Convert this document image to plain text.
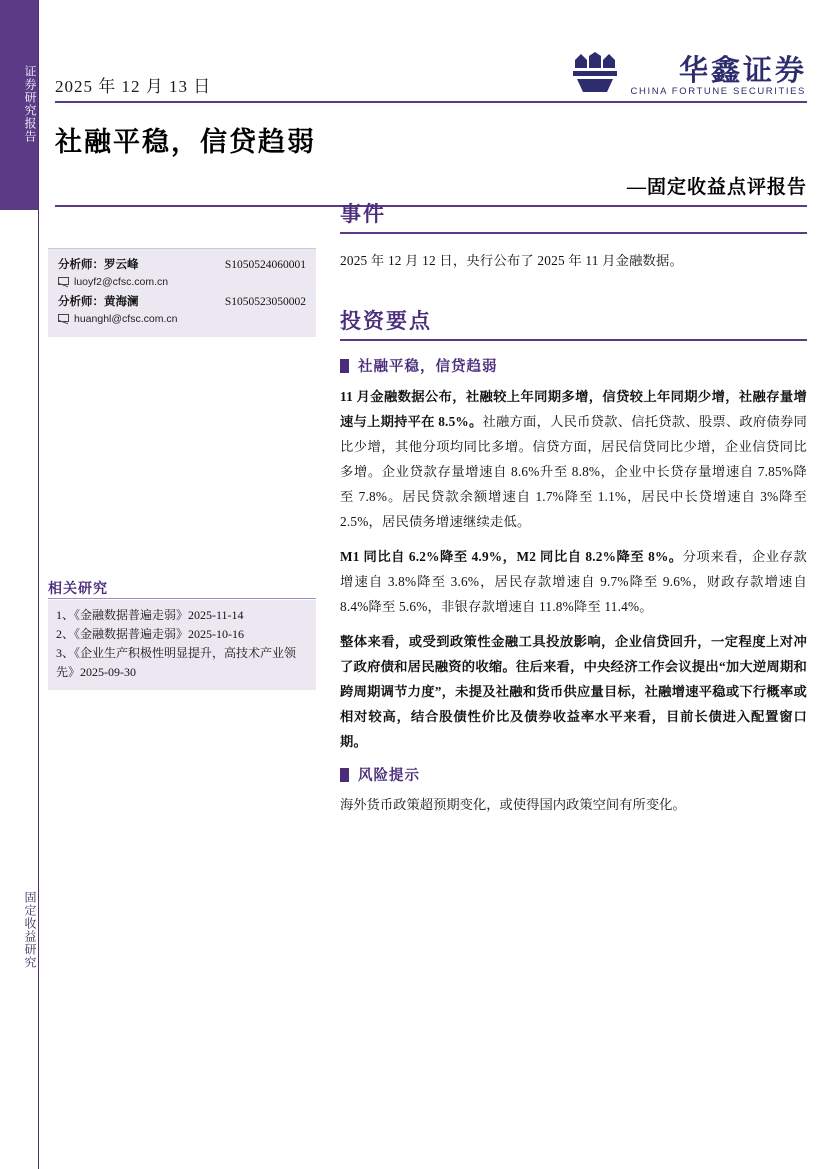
证券研究报告
固定收益研究
2025 年 12 月 13 日	华鑫证券
CHINA FORTUNE SECURITIES
社融平稳，信贷趋弱
—固定收益点评报告
分析师：罗云峰	S1050524060001
luoyf2@cfsc.com.cn
分析师：黄海澜	S1050523050002
huanghl@cfsc.com.cn
相关研究
1、《金融数据普遍走弱》2025-11-14
2、《金融数据普遍走弱》2025-10-16
3、《企业生产积极性明显提升，高技术产业领先》2025-09-30
事件

2025 年 12 月 12 日，央行公布了 2025 年 11 月金融数据。

投资要点
社融平稳，信贷趋弱

11 月金融数据公布，社融较上年同期多增，信贷较上年同期少增，社融存量增速与上期持平在 8.5%。社融方面，人民币贷款、信托贷款、股票、政府债券同比少增，其他分项均同比多增。信贷方面，居民信贷同比少增，企业信贷同比多增。企业贷款存量增速自 8.6%升至 8.8%，企业中长贷存量增速自 7.85%降至 7.8%。居民贷款余额增速自 1.7%降至 1.1%，居民中长贷增速自 3%降至 2.5%，居民债务增速继续走低。

M1 同比自 6.2%降至 4.9%，M2 同比自 8.2%降至 8%。分项来看，企业存款增速自 3.8%降至 3.6%，居民存款增速自 9.7%降至 9.6%，财政存款增速自 8.4%降至 5.6%，非银存款增速自 11.8%降至 11.4%。

整体来看，或受到政策性金融工具投放影响，企业信贷回升，一定程度上对冲了政府债和居民融资的收缩。往后来看，中央经济工作会议提出“加大逆周期和跨周期调节力度”，未提及社融和货币供应量目标，社融增速平稳或下行概率或相对较高，结合股债性价比及债券收益率水平来看，目前长债进入配置窗口期。

风险提示

海外货币政策超预期变化，或使得国内政策空间有所变化。
